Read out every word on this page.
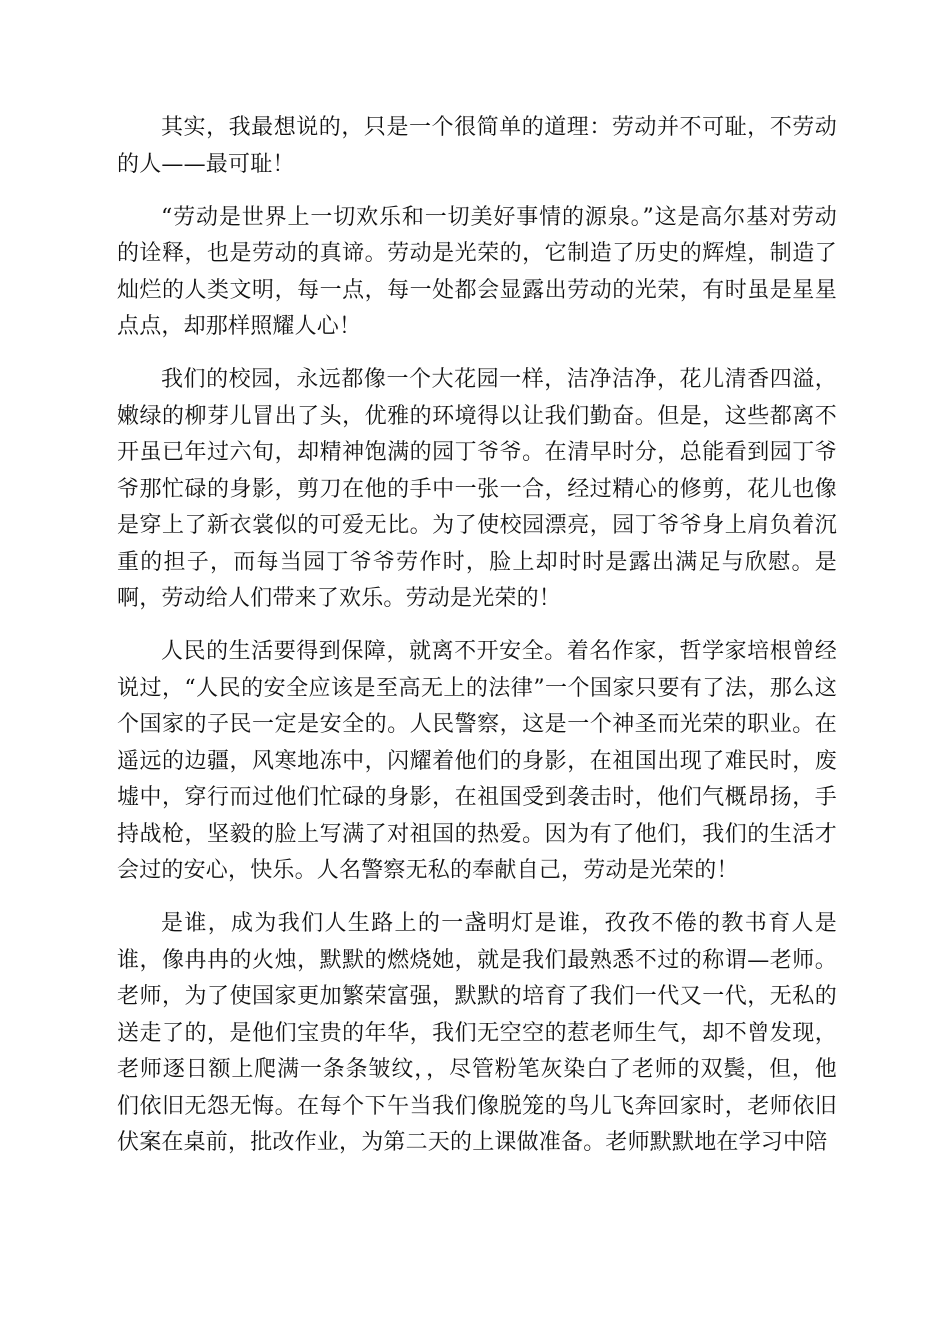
其实，我最想说的，只是一个很简单的道理：劳动并不可耻，不劳动的人——最可耻！

“劳动是世界上一切欢乐和一切美好事情的源泉。”这是高尔基对劳动的诠释，也是劳动的真谛。劳动是光荣的，它制造了历史的辉煌，制造了灿烂的人类文明，每一点，每一处都会显露出劳动的光荣，有时虽是星星点点，却那样照耀人心！

我们的校园，永远都像一个大花园一样，洁净洁净，花儿清香四溢，嫩绿的柳芽儿冒出了头，优雅的环境得以让我们勤奋。但是，这些都离不开虽已年过六旬，却精神饱满的园丁爷爷。在清早时分，总能看到园丁爷爷那忙碌的身影，剪刀在他的手中一张一合，经过精心的修剪，花儿也像是穿上了新衣裳似的可爱无比。为了使校园漂亮，园丁爷爷身上肩负着沉重的担子，而每当园丁爷爷劳作时，脸上却时时是露出满足与欣慰。是啊，劳动给人们带来了欢乐。劳动是光荣的！

人民的生活要得到保障，就离不开安全。着名作家，哲学家培根曾经说过，“人民的安全应该是至高无上的法律”一个国家只要有了法，那么这个国家的子民一定是安全的。人民警察，这是一个神圣而光荣的职业。在遥远的边疆，风寒地冻中，闪耀着他们的身影，在祖国出现了难民时，废墟中，穿行而过他们忙碌的身影，在祖国受到袭击时，他们气概昂扬，手持战枪，坚毅的脸上写满了对祖国的热爱。因为有了他们，我们的生活才会过的安心，快乐。人名警察无私的奉献自己，劳动是光荣的！

是谁，成为我们人生路上的一盏明灯是谁，孜孜不倦的教书育人是谁，像冉冉的火烛，默默的燃烧她，就是我们最熟悉不过的称谓—老师。老师，为了使国家更加繁荣富强，默默的培育了我们一代又一代，无私的送走了的，是他们宝贵的年华，我们无空空的惹老师生气，却不曾发现，老师逐日额上爬满一条条皱纹，，尽管粉笔灰染白了老师的双鬓，但，他们依旧无怨无悔。在每个下午当我们像脱笼的鸟儿飞奔回家时，老师依旧伏案在桌前，批改作业，为第二天的上课做准备。老师默默地在学习中陪
